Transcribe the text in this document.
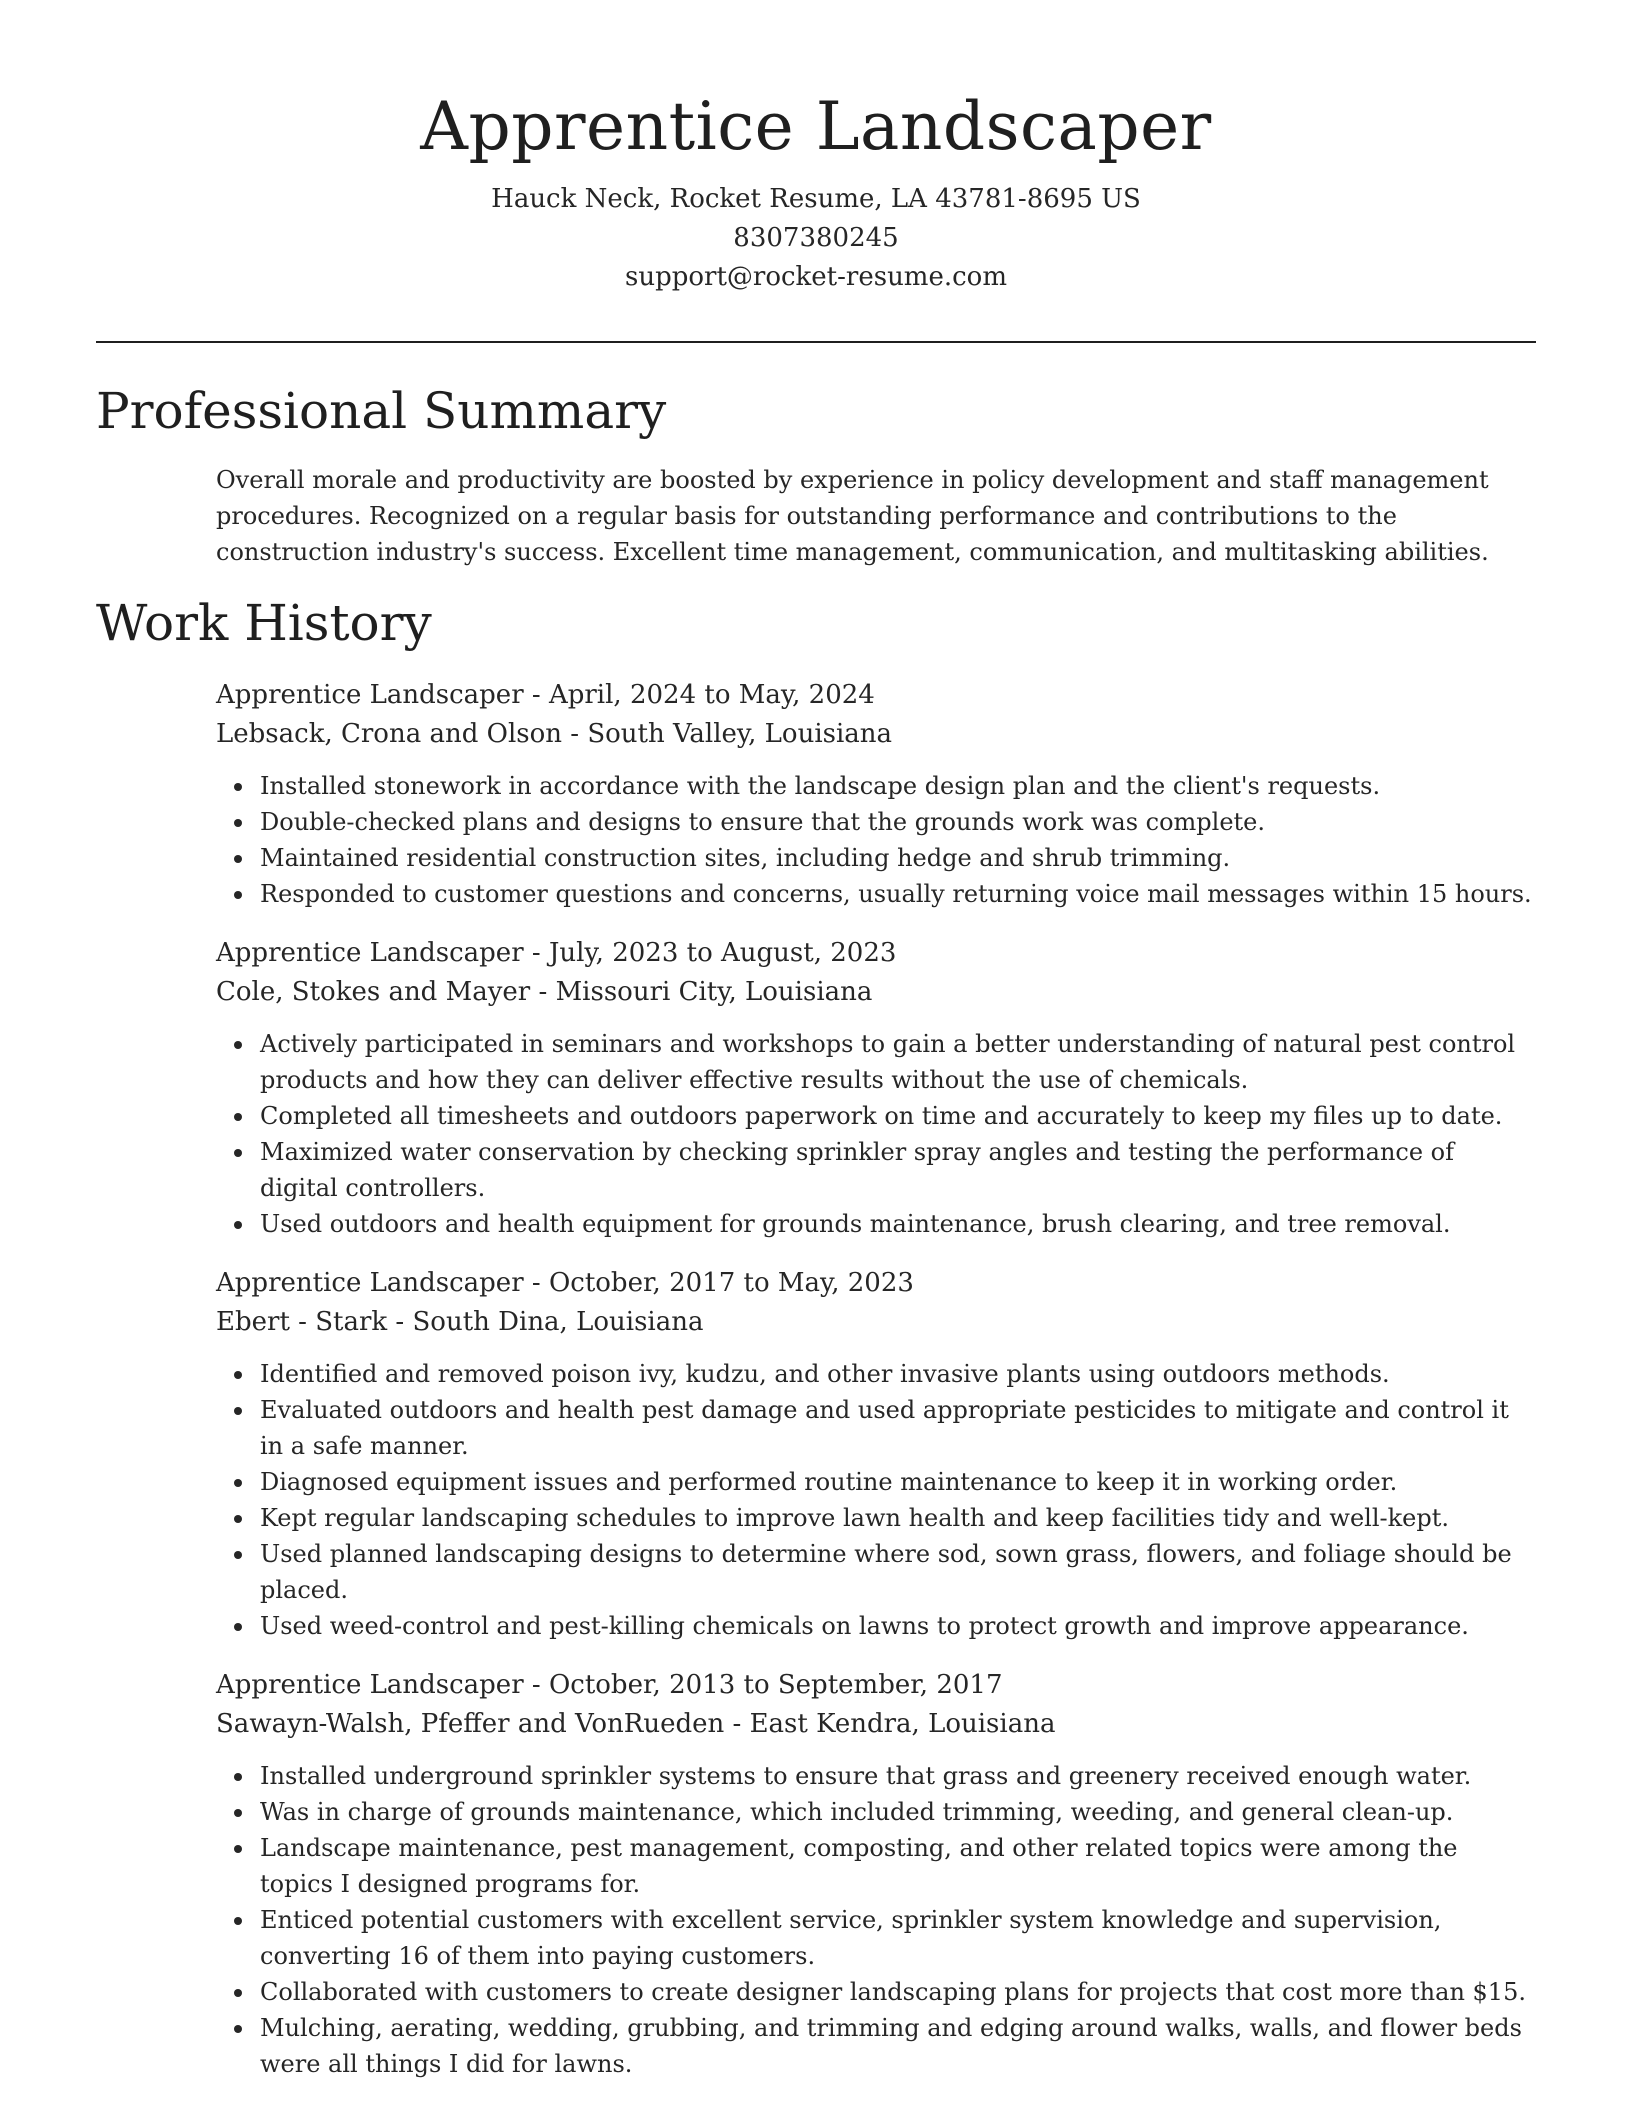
Apprentice Landscaper
Hauck Neck, Rocket Resume, LA 43781-8695 US
8307380245
support@rocket-resume.com
Professional Summary
Overall morale and productivity are boosted by experience in policy development and staff management procedures. Recognized on a regular basis for outstanding performance and contributions to the construction industry's success. Excellent time management, communication, and multitasking abilities.
Work History
Apprentice Landscaper - April, 2024 to May, 2024
Lebsack, Crona and Olson - South Valley, Louisiana
Installed stonework in accordance with the landscape design plan and the client's requests.
Double-checked plans and designs to ensure that the grounds work was complete.
Maintained residential construction sites, including hedge and shrub trimming.
Responded to customer questions and concerns, usually returning voice mail messages within 15 hours.
Apprentice Landscaper - July, 2023 to August, 2023
Cole, Stokes and Mayer - Missouri City, Louisiana
Actively participated in seminars and workshops to gain a better understanding of natural pest control products and how they can deliver effective results without the use of chemicals.
Completed all timesheets and outdoors paperwork on time and accurately to keep my files up to date.
Maximized water conservation by checking sprinkler spray angles and testing the performance of digital controllers.
Used outdoors and health equipment for grounds maintenance, brush clearing, and tree removal.
Apprentice Landscaper - October, 2017 to May, 2023
Ebert - Stark - South Dina, Louisiana
Identified and removed poison ivy, kudzu, and other invasive plants using outdoors methods.
Evaluated outdoors and health pest damage and used appropriate pesticides to mitigate and control it in a safe manner.
Diagnosed equipment issues and performed routine maintenance to keep it in working order.
Kept regular landscaping schedules to improve lawn health and keep facilities tidy and well-kept.
Used planned landscaping designs to determine where sod, sown grass, flowers, and foliage should be placed.
Used weed-control and pest-killing chemicals on lawns to protect growth and improve appearance.
Apprentice Landscaper - October, 2013 to September, 2017
Sawayn-Walsh, Pfeffer and VonRueden - East Kendra, Louisiana
Installed underground sprinkler systems to ensure that grass and greenery received enough water.
Was in charge of grounds maintenance, which included trimming, weeding, and general clean-up.
Landscape maintenance, pest management, composting, and other related topics were among the topics I designed programs for.
Enticed potential customers with excellent service, sprinkler system knowledge and supervision, converting 16 of them into paying customers.
Collaborated with customers to create designer landscaping plans for projects that cost more than $15.
Mulching, aerating, wedding, grubbing, and trimming and edging around walks, walls, and flower beds were all things I did for lawns.
